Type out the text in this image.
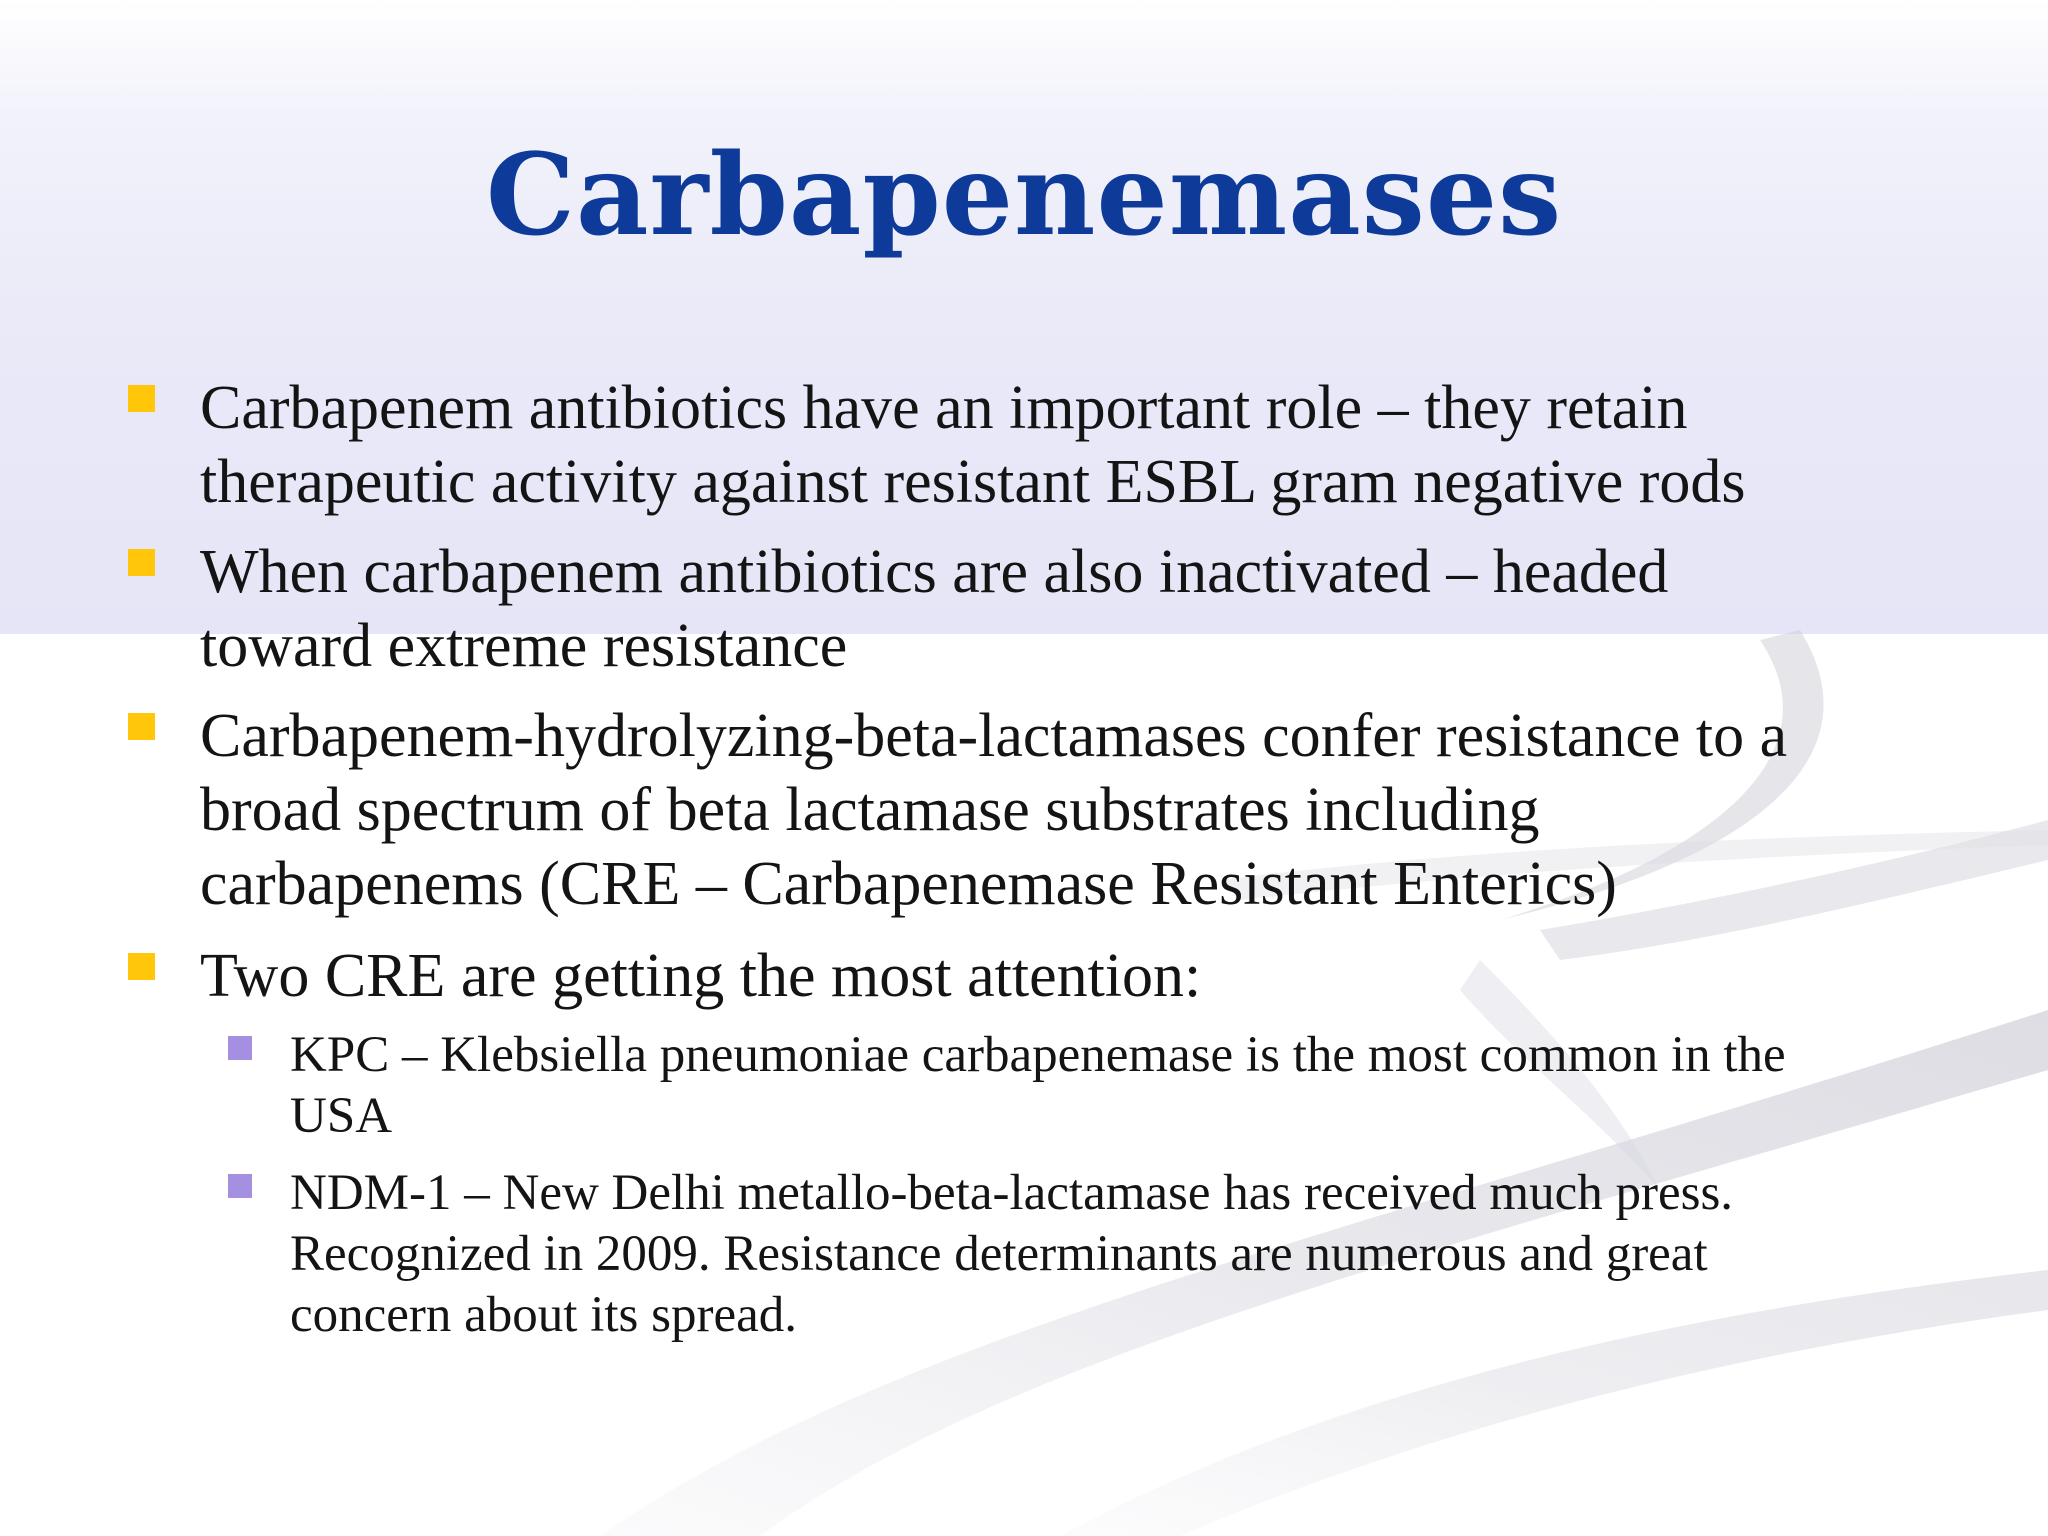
Carbapenemases
Carbapenem antibiotics have an important role – they retain
therapeutic activity against resistant ESBL gram negative rods
When carbapenem antibiotics are also inactivated – headed
toward extreme resistance
Carbapenem-hydrolyzing-beta-lactamases confer resistance to a
broad spectrum of beta lactamase substrates including
carbapenems (CRE – Carbapenemase Resistant Enterics)
Two CRE are getting the most attention:
KPC – Klebsiella pneumoniae carbapenemase is the most common in the
USA
NDM-1 – New Delhi metallo-beta-lactamase has received much press.
Recognized in 2009. Resistance determinants are numerous and great
concern about its spread.
